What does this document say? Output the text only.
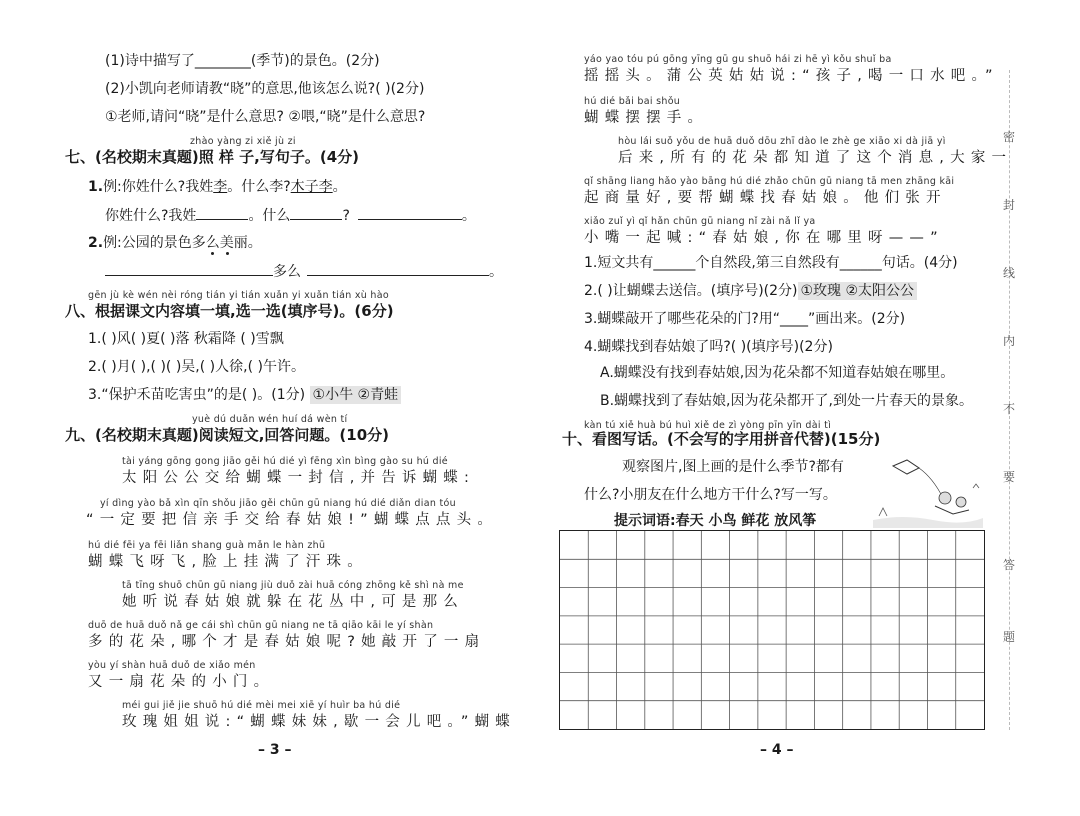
(1)诗中描写了________(季节)的景色。(2分)
(2)小凯向老师请教“晓”的意思,他该怎么说?( )(2分)
①老师,请问“晓”是什么意思? ②喂,“晓”是什么意思?
zhào yàng zi xiě jù zi
七、(名校期末真题)照 样 子,写句子。(4分)
1.例:你姓什么?我姓李。什么李?木子李。
你姓什么?我姓	。什么	?	。
2.例:公园的景色多么美丽。
多么	。
gēn jù kè wén nèi róng tián yi tián xuǎn yi xuǎn tián xù hào
八、根据课文内容填一填,选一选(填序号)。(6分)
1.( )风( )夏( )落 秋霜降 ( )雪飘
2.( )月( ),( )( )吴,( )人徐,( )午许。
3.“保护禾苗吃害虫”的是( )。(1分) ①小牛 ②青蛙
yuè dú duǎn wén huí dá wèn tí
九、(名校期末真题)阅读短文,回答问题。(10分)
tài yáng gōng gong jiāo gěi hú dié yì fēng xìn bìng gào su hú dié
太阳公公交给蝴蝶一封信,并告诉蝴蝶:
yí dìng yào bǎ xìn qīn shǒu jiāo gěi chūn gū niang hú dié diǎn dian tóu
“一定要把信亲手交给春姑娘!”蝴蝶点点头。
hú dié fēi ya fēi liǎn shang guà mǎn le hàn zhū
蝴蝶飞呀飞,脸上挂满了汗珠。
tā tīng shuō chūn gū niang jiù duǒ zài huā cóng zhōng kě shì nà me
她听说春姑娘就躲在花丛中,可是那么
duō de huā duǒ nǎ ge cái shì chūn gū niang ne tā qiāo kāi le yí shàn
多的花朵,哪个才是春姑娘呢?她敲开了一扇
yòu yí shàn huā duǒ de xiǎo mén
又一扇花朵的小门。
méi gui jiě jie shuō hú dié mèi mei xiē yí huìr ba hú dié
玫瑰姐姐说:“蝴蝶妹妹,歇一会儿吧。”蝴蝶
– 3 –
yáo yao tóu pú gōng yīng gū gu shuō hái zi hē yì kǒu shuǐ ba
摇摇头。蒲公英姑姑说:“孩子,喝一口水吧。”
hú dié bǎi bai shǒu
蝴蝶摆摆手。
hòu lái suǒ yǒu de huā duǒ dōu zhī dào le zhè ge xiāo xi dà jiā yì
后来,所有的花朵都知道了这个消息,大家一
qǐ shāng liang hǎo yào bāng hú dié zhǎo chūn gū niang tā men zhāng kāi
起商量好,要帮蝴蝶找春姑娘。他们张开
xiǎo zuǐ yì qǐ hǎn chūn gū niang nǐ zài nǎ lǐ ya
小嘴一起喊:“春姑娘,你在哪里呀——”
1.短文共有______个自然段,第三自然段有______句话。(4分)
2.( )让蝴蝶去送信。(填序号)(2分) ①玫瑰 ②太阳公公
3.蝴蝶敲开了哪些花朵的门?用“____”画出来。(2分)
4.蝴蝶找到春姑娘了吗?( )(填序号)(2分)
A.蝴蝶没有找到春姑娘,因为花朵都不知道春姑娘在哪里。
B.蝴蝶找到了春姑娘,因为花朵都开了,到处一片春天的景象。
kàn tú xiě huà bú huì xiě de zì yòng pīn yīn dài tì
十、看图写话。(不会写的字用拼音代替)(15分)
观察图片,图上画的是什么季节?都有
什么?小朋友在什么地方干什么?写一写。
提示词语:春天 小鸟 鲜花 放风筝
– 4 –
密
封
线
内
不
要
答
题
